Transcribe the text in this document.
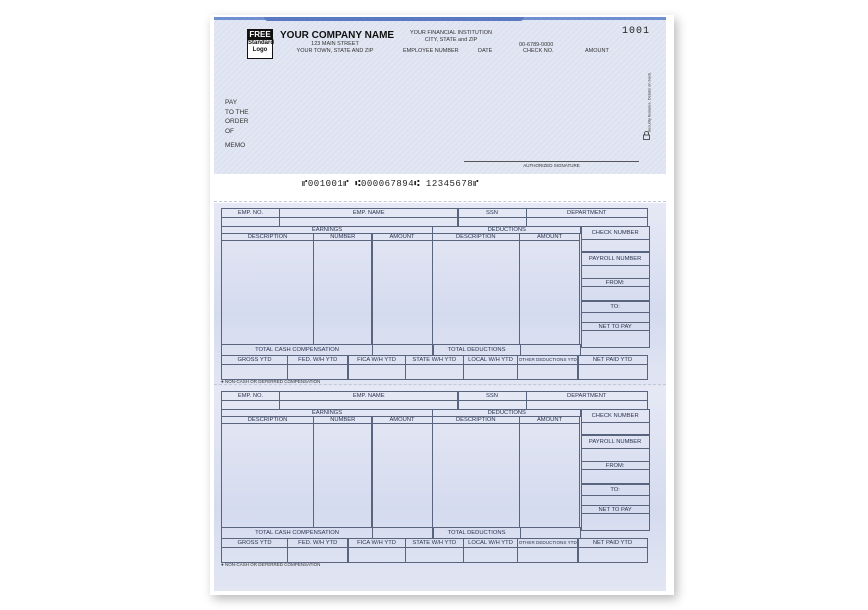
FREE
Standard
Logo
YOUR COMPANY NAME
123 MAIN STREET
YOUR TOWN, STATE AND ZIP
YOUR FINANCIAL INSTITUTION
CITY, STATE and ZIP
1001
EMPLOYEE NUMBER	DATE
00-6789-0000
CHECK NO.	AMOUNT
PAY
TO THE
ORDER
OF
MEMO
AUTHORIZED SIGNATURE
Security features. Details on back.
⑈001001⑈ ⑆000067894⑆ 12345678⑈
EMP. NO.	EMP. NAME	SSN	DEPARTMENT
EARNINGS	DEDUCTIONS
DESCRIPTION	NUMBER	AMOUNT	DESCRIPTION	AMOUNT
TOTAL CASH COMPENSATION	TOTAL DEDUCTIONS
CHECK NUMBER
PAYROLL NUMBER
FROM:
TO:
NET TO PAY
GROSS YTD	FED. W/H YTD	FICA W/H YTD	STATE W/H YTD	LOCAL W/H YTD	OTHER DEDUCTIONS YTD	NET PAID YTD
● NON-CASH OR DEFERRED COMPENSATION
EMP. NO.	EMP. NAME	SSN	DEPARTMENT
EARNINGS	DEDUCTIONS
DESCRIPTION	NUMBER	AMOUNT	DESCRIPTION	AMOUNT
TOTAL CASH COMPENSATION	TOTAL DEDUCTIONS
CHECK NUMBER
PAYROLL NUMBER
FROM:
TO:
NET TO PAY
GROSS YTD	FED. W/H YTD	FICA W/H YTD	STATE W/H YTD	LOCAL W/H YTD	OTHER DEDUCTIONS YTD	NET PAID YTD
● NON-CASH OR DEFERRED COMPENSATION
